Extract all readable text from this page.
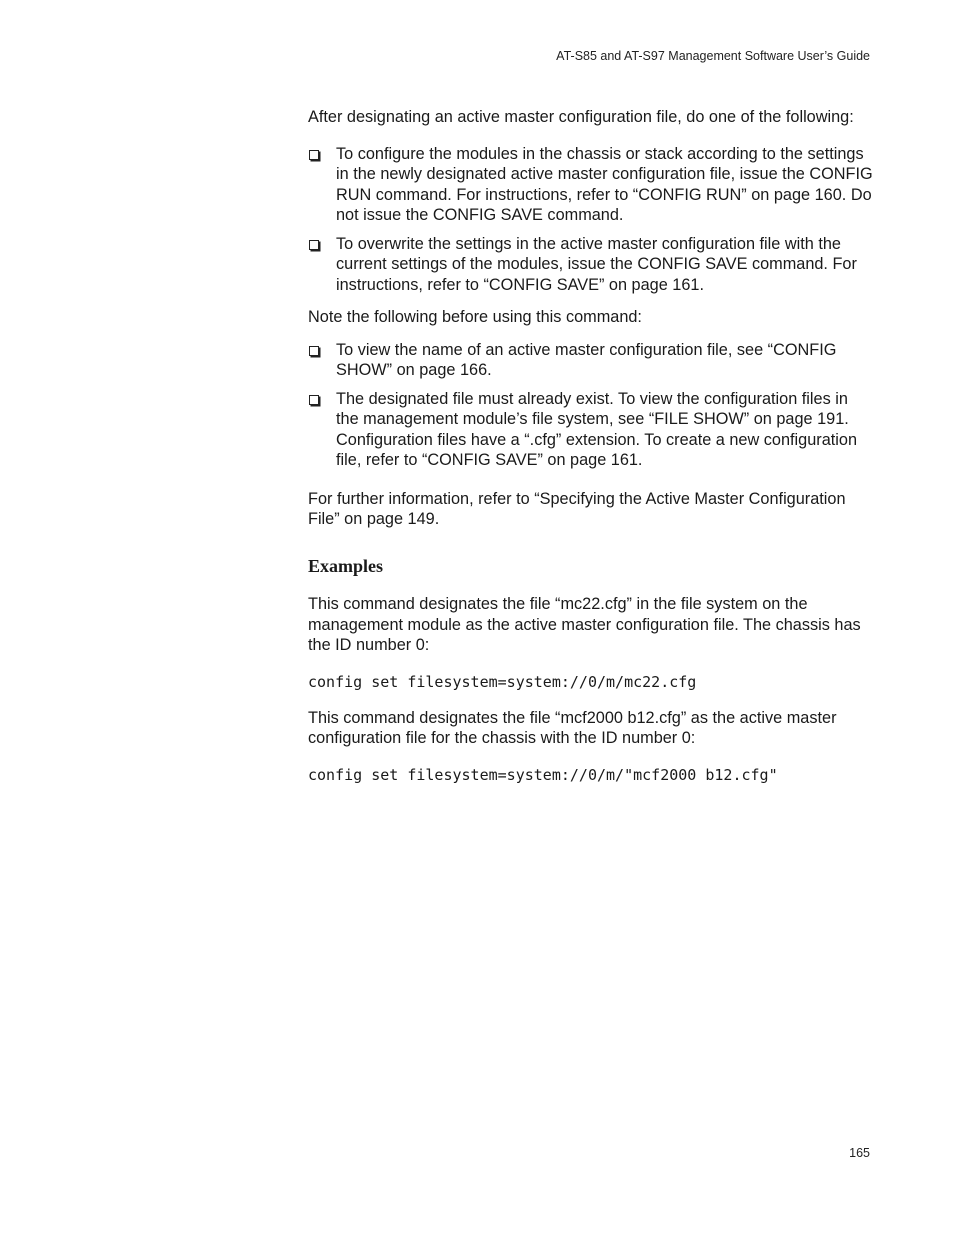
AT-S85 and AT-S97 Management Software User’s Guide

After designating an active master configuration file, do one of the following:

To configure the modules in the chassis or stack according to the settings in the newly designated active master configuration file, issue the CONFIG RUN command. For instructions, refer to “CONFIG RUN” on page 160. Do not issue the CONFIG SAVE command.
To overwrite the settings in the active master configuration file with the current settings of the modules, issue the CONFIG SAVE command. For instructions, refer to “CONFIG SAVE” on page 161.

Note the following before using this command:

To view the name of an active master configuration file, see “CONFIG SHOW” on page 166.
The designated file must already exist. To view the configuration files in the management module’s file system, see “FILE SHOW” on page 191. Configuration files have a “.cfg” extension. To create a new configuration file, refer to “CONFIG SAVE” on page 161.

For further information, refer to “Specifying the Active Master Configuration File” on page 149.

Examples

This command designates the file “mc22.cfg” in the file system on the management module as the active master configuration file. The chassis has the ID number 0:

config set filesystem=system://0/m/mc22.cfg

This command designates the file “mcf2000 b12.cfg” as the active master configuration file for the chassis with the ID number 0:

config set filesystem=system://0/m/"mcf2000 b12.cfg"
165
